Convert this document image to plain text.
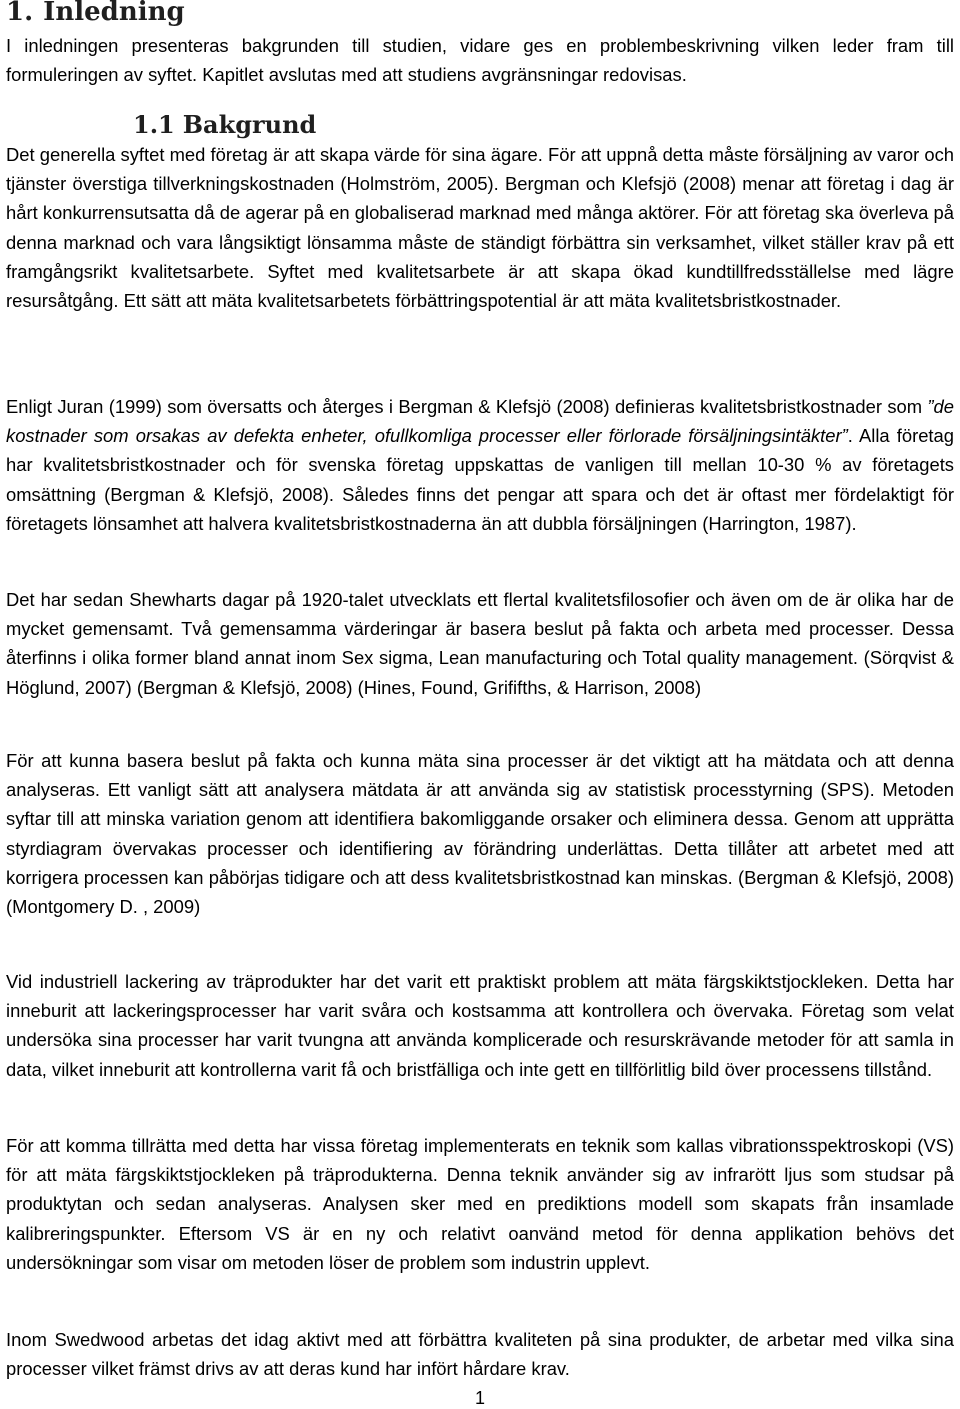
1. Inledning

I inledningen presenteras bakgrunden till studien, vidare ges en problembeskrivning vilken leder fram till formuleringen av syftet. Kapitlet avslutas med att studiens avgränsningar redovisas.

1.1 Bakgrund

Det generella syftet med företag är att skapa värde för sina ägare. För att uppnå detta måste försäljning av varor och tjänster överstiga tillverkningskostnaden (Holmström, 2005). Bergman och Klefsjö (2008) menar att företag i dag är hårt konkurrensutsatta då de agerar på en globaliserad marknad med många aktörer. För att företag ska överleva på denna marknad och vara långsiktigt lönsamma måste de ständigt förbättra sin verksamhet, vilket ställer krav på ett framgångsrikt kvalitetsarbete. Syftet med kvalitetsarbete är att skapa ökad kundtillfredsställelse med lägre resursåtgång. Ett sätt att mäta kvalitetsarbetets förbättringspotential är att mäta kvalitetsbristkostnader.

Enligt Juran (1999) som översatts och återges i Bergman & Klefsjö (2008) definieras kvalitetsbristkostnader som ”de kostnader som orsakas av defekta enheter, ofullkomliga processer eller förlorade försäljningsintäkter”. Alla företag har kvalitetsbristkostnader och för svenska företag uppskattas de vanligen till mellan 10-30 % av företagets omsättning (Bergman & Klefsjö, 2008). Således finns det pengar att spara och det är oftast mer fördelaktigt för företagets lönsamhet att halvera kvalitetsbristkostnaderna än att dubbla försäljningen (Harrington, 1987).

Det har sedan Shewharts dagar på 1920-talet utvecklats ett flertal kvalitetsfilosofier och även om de är olika har de mycket gemensamt. Två gemensamma värderingar är basera beslut på fakta och arbeta med processer. Dessa återfinns i olika former bland annat inom Sex sigma, Lean manufacturing och Total quality management. (Sörqvist & Höglund, 2007) (Bergman & Klefsjö, 2008) (Hines, Found, Grififths, & Harrison, 2008)

För att kunna basera beslut på fakta och kunna mäta sina processer är det viktigt att ha mätdata och att denna analyseras. Ett vanligt sätt att analysera mätdata är att använda sig av statistisk processtyrning (SPS). Metoden syftar till att minska variation genom att identifiera bakomliggande orsaker och eliminera dessa. Genom att upprätta styrdiagram övervakas processer och identifiering av förändring underlättas. Detta tillåter att arbetet med att korrigera processen kan påbörjas tidigare och att dess kvalitetsbristkostnad kan minskas. (Bergman & Klefsjö, 2008) (Montgomery D. , 2009)

Vid industriell lackering av träprodukter har det varit ett praktiskt problem att mäta färgskiktstjockleken. Detta har inneburit att lackeringsprocesser har varit svåra och kostsamma att kontrollera och övervaka. Företag som velat undersöka sina processer har varit tvungna att använda komplicerade och resurskrävande metoder för att samla in data, vilket inneburit att kontrollerna varit få och bristfälliga och inte gett en tillförlitlig bild över processens tillstånd.

För att komma tillrätta med detta har vissa företag implementerats en teknik som kallas vibrationsspektroskopi (VS) för att mäta färgskiktstjockleken på träprodukterna. Denna teknik använder sig av infrarött ljus som studsar på produktytan och sedan analyseras. Analysen sker med en prediktions modell som skapats från insamlade kalibreringspunkter. Eftersom VS är en ny och relativt oanvänd metod för denna applikation behövs det undersökningar som visar om metoden löser de problem som industrin upplevt.

Inom Swedwood arbetas det idag aktivt med att förbättra kvaliteten på sina produkter, de arbetar med vilka sina processer vilket främst drivs av att deras kund har infört hårdare krav.

1
